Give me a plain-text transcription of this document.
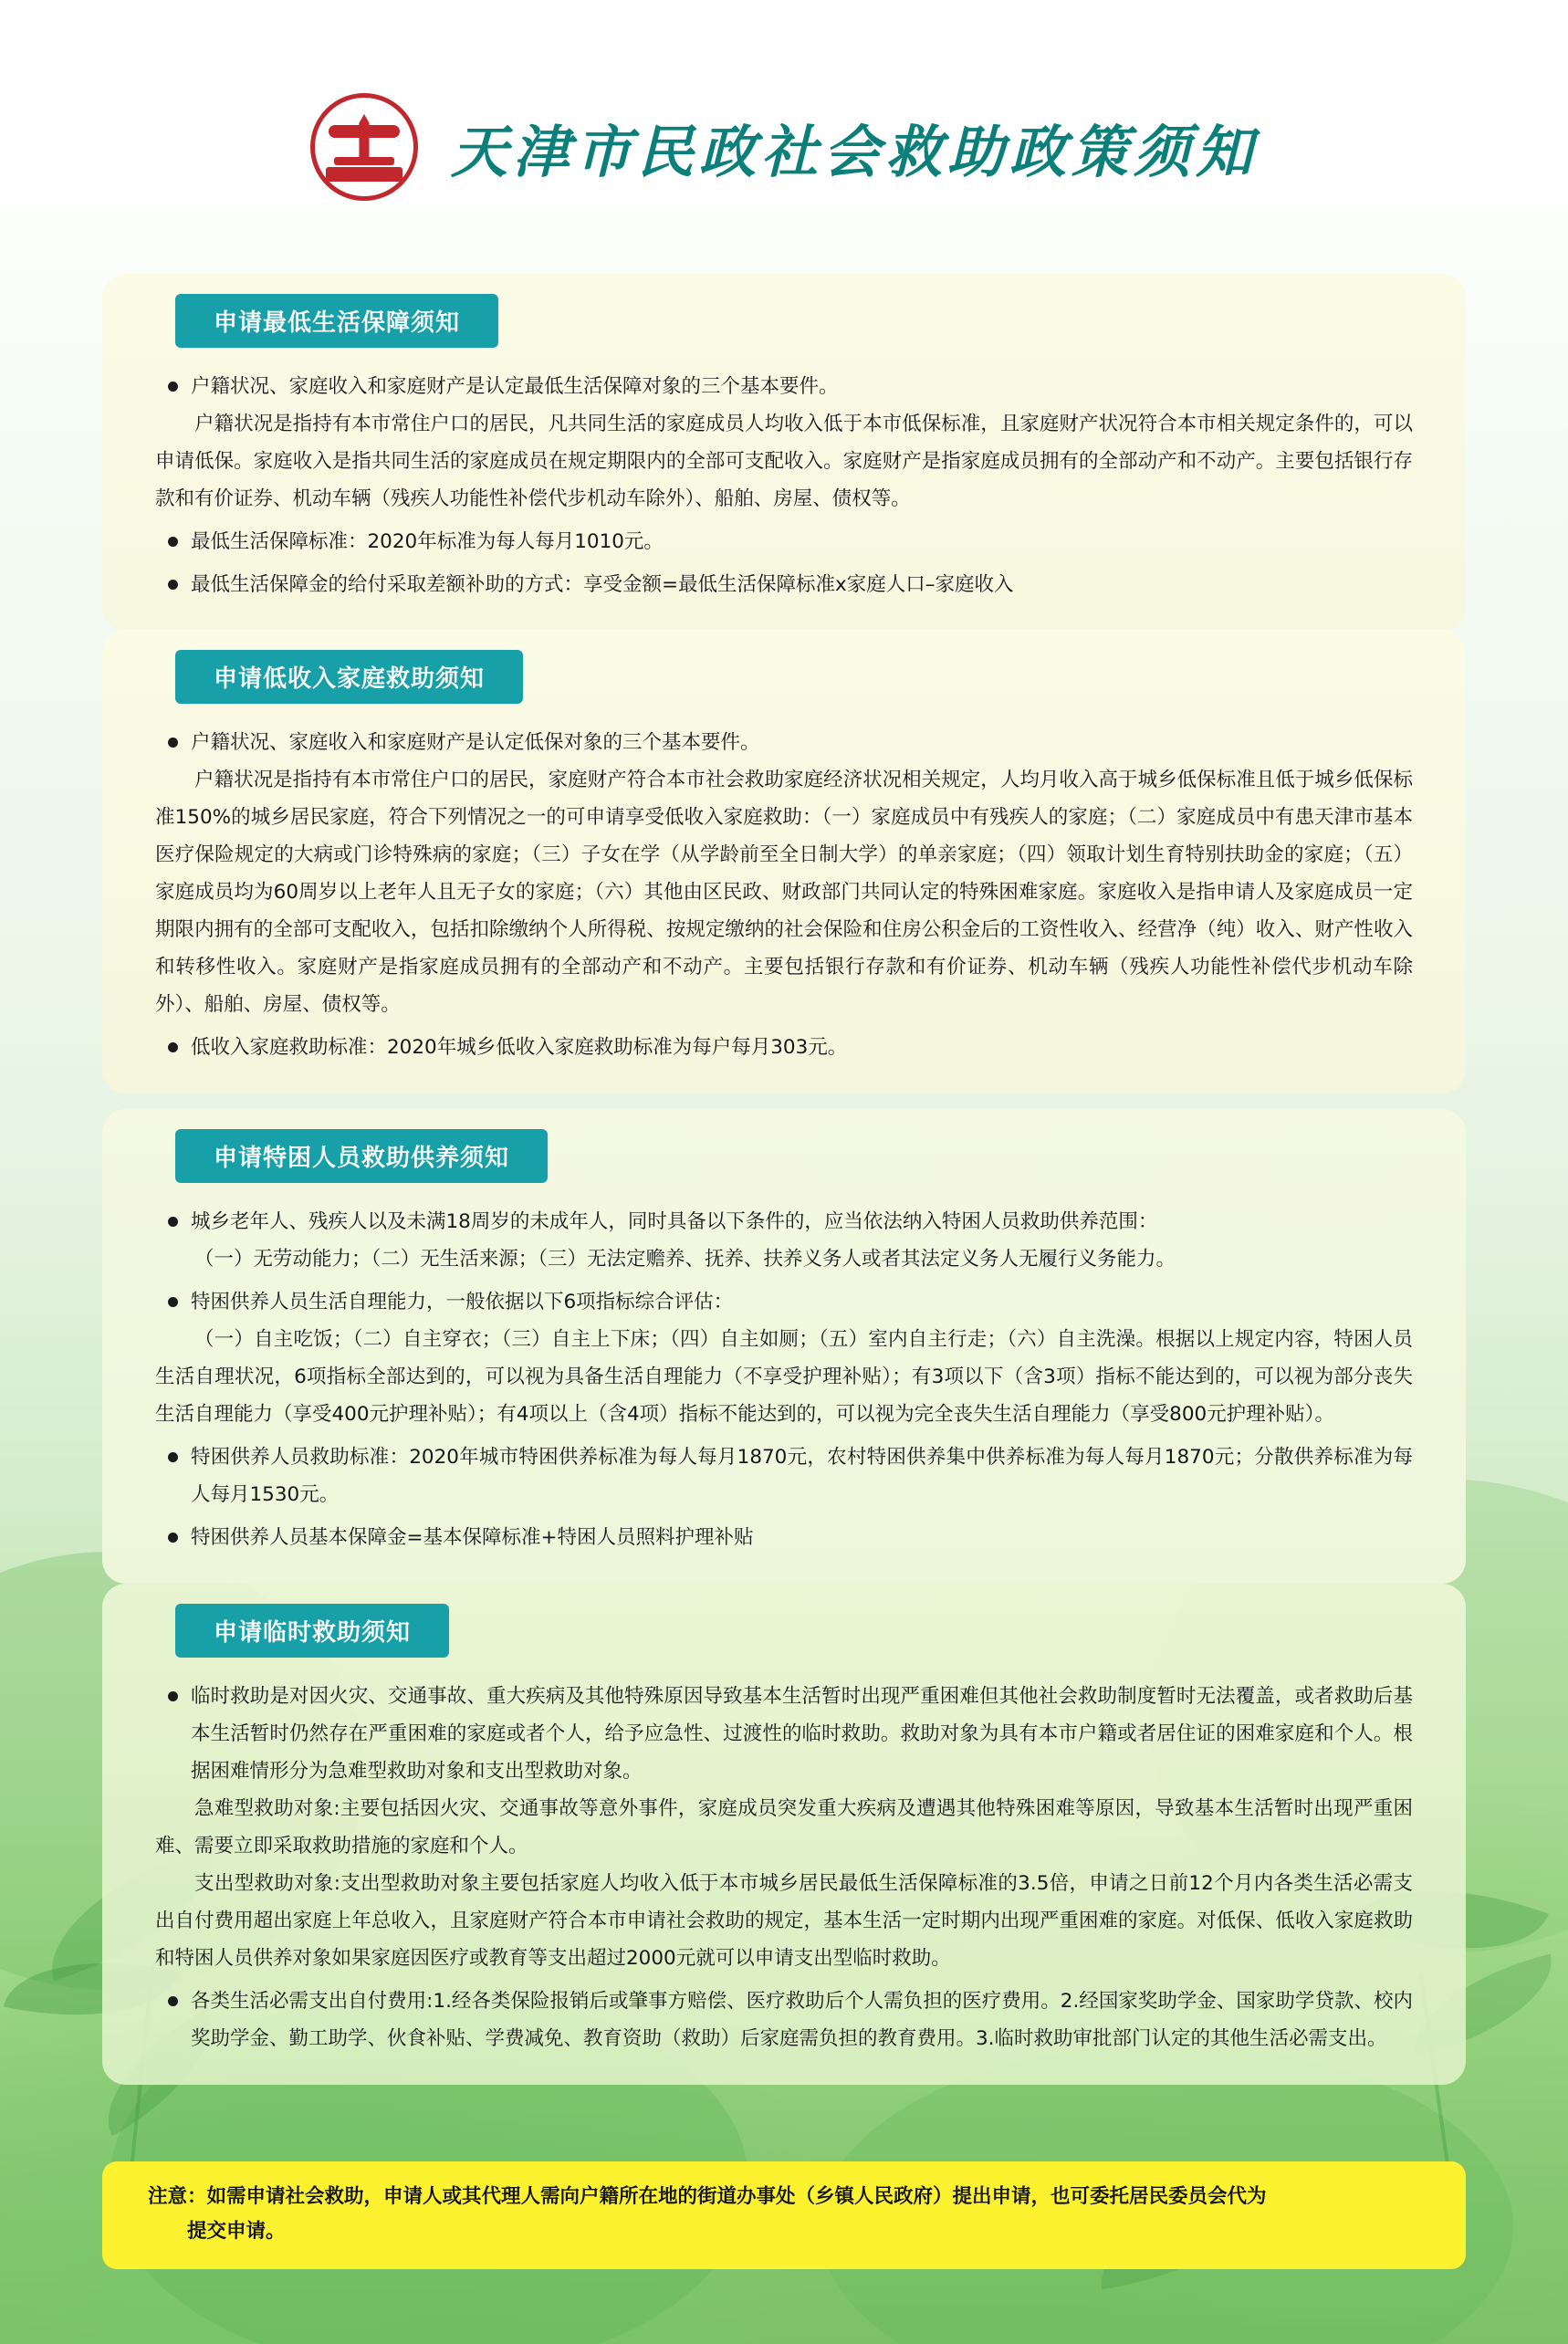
天津市民政社会救助政策须知
申请最低生活保障须知
户籍状况、家庭收入和家庭财产是认定最低生活保障对象的三个基本要件。

户籍状况是指持有本市常住户口的居民，凡共同生活的家庭成员人均收入低于本市低保标准，且家庭财产状况符合本市相关规定条件的，可以申请低保。家庭收入是指共同生活的家庭成员在规定期限内的全部可支配收入。家庭财产是指家庭成员拥有的全部动产和不动产。主要包括银行存款和有价证券、机动车辆（残疾人功能性补偿代步机动车除外）、船舶、房屋、债权等。

最低生活保障标准：2020年标准为每人每月1010元。
最低生活保障金的给付采取差额补助的方式：享受金额=最低生活保障标准x家庭人口–家庭收入
申请低收入家庭救助须知
户籍状况、家庭收入和家庭财产是认定低保对象的三个基本要件。

户籍状况是指持有本市常住户口的居民，家庭财产符合本市社会救助家庭经济状况相关规定，人均月收入高于城乡低保标准且低于城乡低保标准150%的城乡居民家庭，符合下列情况之一的可申请享受低收入家庭救助：（一）家庭成员中有残疾人的家庭；（二）家庭成员中有患天津市基本医疗保险规定的大病或门诊特殊病的家庭；（三）子女在学（从学龄前至全日制大学）的单亲家庭；（四）领取计划生育特别扶助金的家庭；（五）家庭成员均为60周岁以上老年人且无子女的家庭；（六）其他由区民政、财政部门共同认定的特殊困难家庭。家庭收入是指申请人及家庭成员一定期限内拥有的全部可支配收入，包括扣除缴纳个人所得税、按规定缴纳的社会保险和住房公积金后的工资性收入、经营净（纯）收入、财产性收入和转移性收入。家庭财产是指家庭成员拥有的全部动产和不动产。主要包括银行存款和有价证券、机动车辆（残疾人功能性补偿代步机动车除外）、船舶、房屋、债权等。

低收入家庭救助标准：2020年城乡低收入家庭救助标准为每户每月303元。
申请特困人员救助供养须知
城乡老年人、残疾人以及未满18周岁的未成年人，同时具备以下条件的，应当依法纳入特困人员救助供养范围：

（一）无劳动能力；（二）无生活来源；（三）无法定赡养、抚养、扶养义务人或者其法定义务人无履行义务能力。

特困供养人员生活自理能力，一般依据以下6项指标综合评估：

（一）自主吃饭；（二）自主穿衣；（三）自主上下床；（四）自主如厕；（五）室内自主行走；（六）自主洗澡。根据以上规定内容，特困人员生活自理状况，6项指标全部达到的，可以视为具备生活自理能力（不享受护理补贴）；有3项以下（含3项）指标不能达到的，可以视为部分丧失生活自理能力（享受400元护理补贴）；有4项以上（含4项）指标不能达到的，可以视为完全丧失生活自理能力（享受800元护理补贴）。

特困供养人员救助标准：2020年城市特困供养标准为每人每月1870元，农村特困供养集中供养标准为每人每月1870元；分散供养标准为每人每月1530元。
特困供养人员基本保障金=基本保障标准+特困人员照料护理补贴
申请临时救助须知
临时救助是对因火灾、交通事故、重大疾病及其他特殊原因导致基本生活暂时出现严重困难但其他社会救助制度暂时无法覆盖，或者救助后基本生活暂时仍然存在严重困难的家庭或者个人，给予应急性、过渡性的临时救助。救助对象为具有本市户籍或者居住证的困难家庭和个人。根据困难情形分为急难型救助对象和支出型救助对象。

急难型救助对象:主要包括因火灾、交通事故等意外事件，家庭成员突发重大疾病及遭遇其他特殊困难等原因，导致基本生活暂时出现严重困难、需要立即采取救助措施的家庭和个人。

支出型救助对象:支出型救助对象主要包括家庭人均收入低于本市城乡居民最低生活保障标准的3.5倍，申请之日前12个月内各类生活必需支出自付费用超出家庭上年总收入，且家庭财产符合本市申请社会救助的规定，基本生活一定时期内出现严重困难的家庭。对低保、低收入家庭救助和特困人员供养对象如果家庭因医疗或教育等支出超过2000元就可以申请支出型临时救助。

各类生活必需支出自付费用:1.经各类保险报销后或肇事方赔偿、医疗救助后个人需负担的医疗费用。2.经国家奖助学金、国家助学贷款、校内奖助学金、勤工助学、伙食补贴、学费减免、教育资助（救助）后家庭需负担的教育费用。3.临时救助审批部门认定的其他生活必需支出。
注意：如需申请社会救助，申请人或其代理人需向户籍所在地的街道办事处（乡镇人民政府）提出申请，也可委托居民委员会代为
提交申请。
